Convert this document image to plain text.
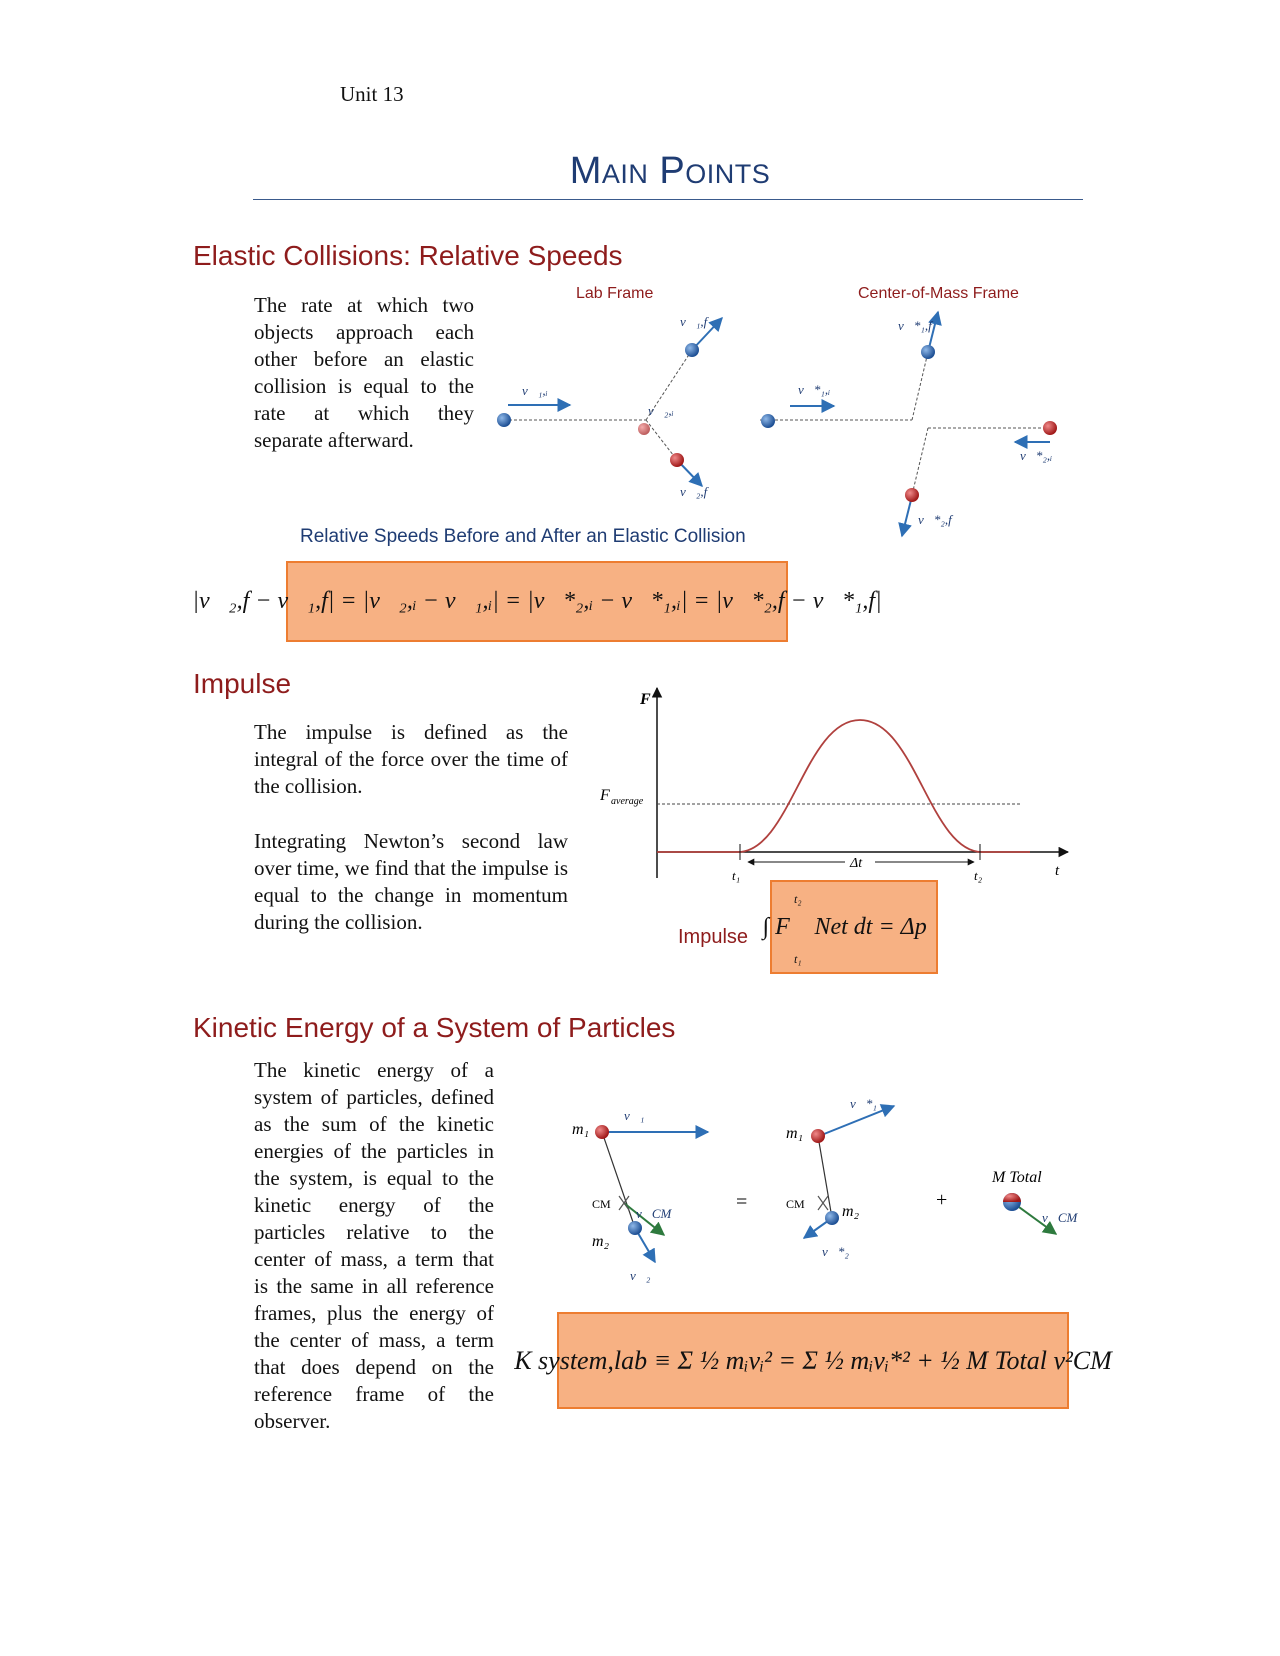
Unit 13
Main Points
Elastic Collisions: Relative Speeds
The rate at which two objects approach each other before an elastic collision is equal to the rate at which they separate afterward.
Lab Frame	Center-of-Mass Frame
v⃗₁,ᵢ
v⃗₁,f
v⃗₂,ᵢ
v⃗₂,f
v⃗*₁,ᵢ
v⃗*₁,f
v⃗*₂,ᵢ
v⃗*₂,f
Relative Speeds Before and After an Elastic Collision
|v⃗₂,f − v⃗₁,f| = |v⃗₂,ᵢ − v⃗₁,ᵢ| = |v⃗*₂,ᵢ − v⃗*₁,ᵢ| = |v⃗*₂,f − v⃗*₁,f|
Impulse
The impulse is defined as the integral of the force over the time of the collision.
Integrating Newton’s second law over time, we find that the impulse is equal to the change in momentum during the collision.
F
t
F average
t₁	t₂
Δt
Impulse
t₂
∫ F⃗ Net dt = Δp⃗
t₁
Kinetic Energy of a System of Particles
The kinetic energy of a system of particles, defined as the sum of the kinetic energies of the particles in the system, is equal to the kinetic energy of the particles relative to the center of mass, a term that is the same in all reference frames, plus the energy of the center of mass, a term that does depend on the reference frame of the observer.
m₁
m₂
CM
v⃗₁
v⃗₂
v⃗CM
=
m₁
m₂
CM
v⃗*₁
v⃗*₂
+
M Total
v⃗CM
K system,lab ≡ Σ ½ mᵢvᵢ² = Σ ½ mᵢvᵢ*² + ½ M Total v²CM
